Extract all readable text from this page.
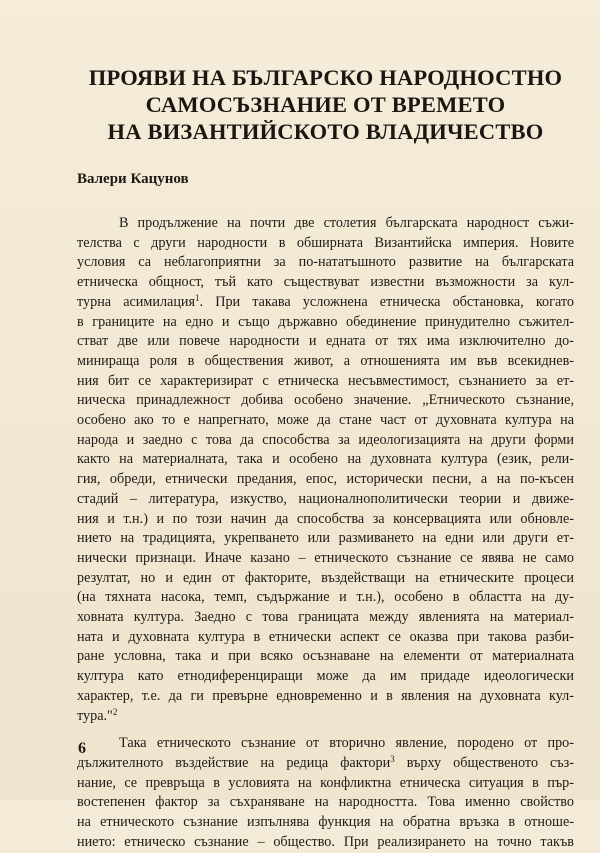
ПРОЯВИ НА БЪЛГАРСКО НАРОДНОСТНО
САМОСЪЗНАНИЕ ОТ ВРЕМЕТО
НА ВИЗАНТИЙСКОТО ВЛАДИЧЕСТВО
Валери Кацунов

В продължение на почти две столетия българската народност съжи-
телства с други народности в обширната Византийска империя. Новите
условия са неблагоприятни за по-нататъшното развитие на българската
етническа общност, тъй като съществуват известни възможности за кул-
турна асимилация$^1$. При такава усложнена етническа обстановка, когато
в границите на едно и също държавно обединение принудително съжител-
стват две или повече народности и едната от тях има изключително до-
минираща роля в обществения живот, а отношенията им във всекиднев-
ния бит се характеризират с етническа несъвместимост, съзнанието за ет-
ническа принадлежност добива особено значение. „Етническото съзнание,
особено ако то е напрегнато, може да стане част от духовната култура на
народа и заедно с това да способства за идеологизацията на други форми
както на материалната, така и особено на духовната култура (език, рели-
гия, обреди, етнически предания, епос, исторически песни, а на по-късен
стадий – литература, изкуство, националнополитически теории и движе-
ния и т.н.) и по този начин да способства за консервацията или обновле-
нието на традицията, укрепването или размиването на едни или други ет-
нически признаци. Иначе казано – етническото съзнание се явява не само
резултат, но и един от факторите, въздействащи на етническите процеси
(на тяхната насока, темп, съдържание и т.н.), особено в областта на ду-
ховната култура. Заедно с това границата между явленията на материал-
ната и духовната култура в етнически аспект се оказва при такова разби-
ране условна, така и при всяко осъзнаване на елементи от материалната
култура като етнодиференциращи може да им придаде идеологически
характер, т.е. да ги превърне едновременно и в явления на духовната кул-
тура."$^2$

Така етническото съзнание от вторично явление, породено от про-
дължителното въздействие на редица фактори$^3$ върху общественото съз-
нание, се превръща в условията на конфликтна етническа ситуация в пър-
востепенен фактор за съхраняване на народността. Това именно свойство
на етническото съзнание изпълнява функция на обратна връзка в отноше-
нието: етническо съзнание – общество. При реализирането на точно такъв

6
